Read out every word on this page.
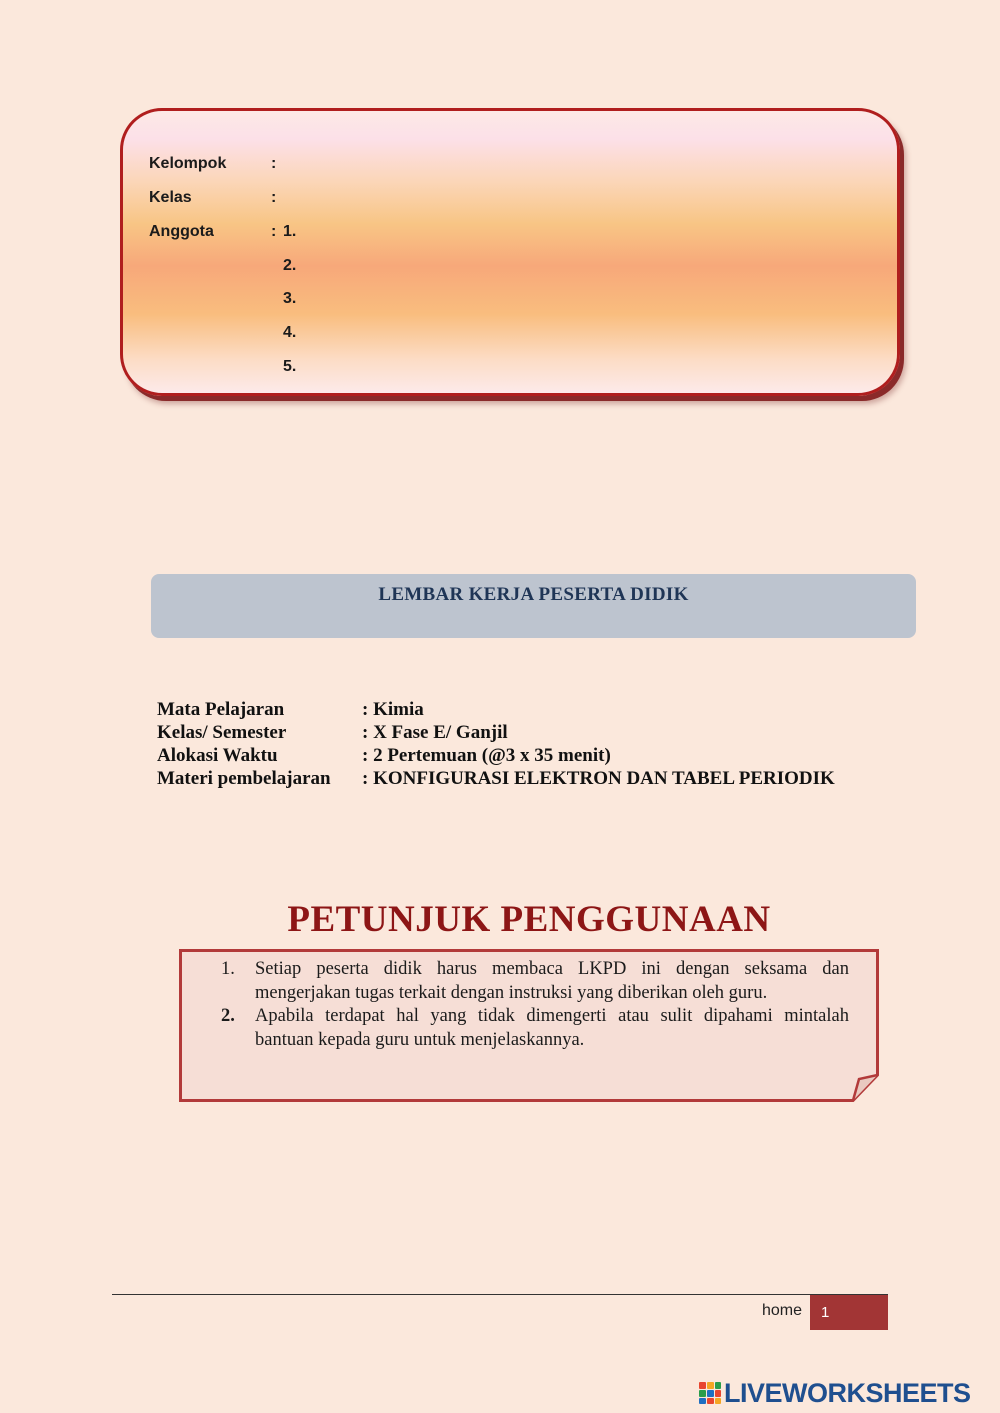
Kelompok	:
Kelas	:
Anggota	: 1.
2.
3.
4.
5.
LEMBAR KERJA PESERTA DIDIK
Mata Pelajaran	: Kimia
Kelas/ Semester	: X Fase E/ Ganjil
Alokasi Waktu	: 2 Pertemuan (@3 x 35 menit)
Materi pembelajaran : KONFIGURASI ELEKTRON DAN TABEL PERIODIK
PETUNJUK PENGGUNAAN
1. Setiap peserta didik harus membaca LKPD ini dengan seksama dan mengerjakan tugas terkait dengan instruksi yang diberikan oleh guru.
2. Apabila terdapat hal yang tidak dimengerti atau sulit dipahami mintalah bantuan kepada guru untuk menjelaskannya.
home 1
LIVEWORKSHEETS
